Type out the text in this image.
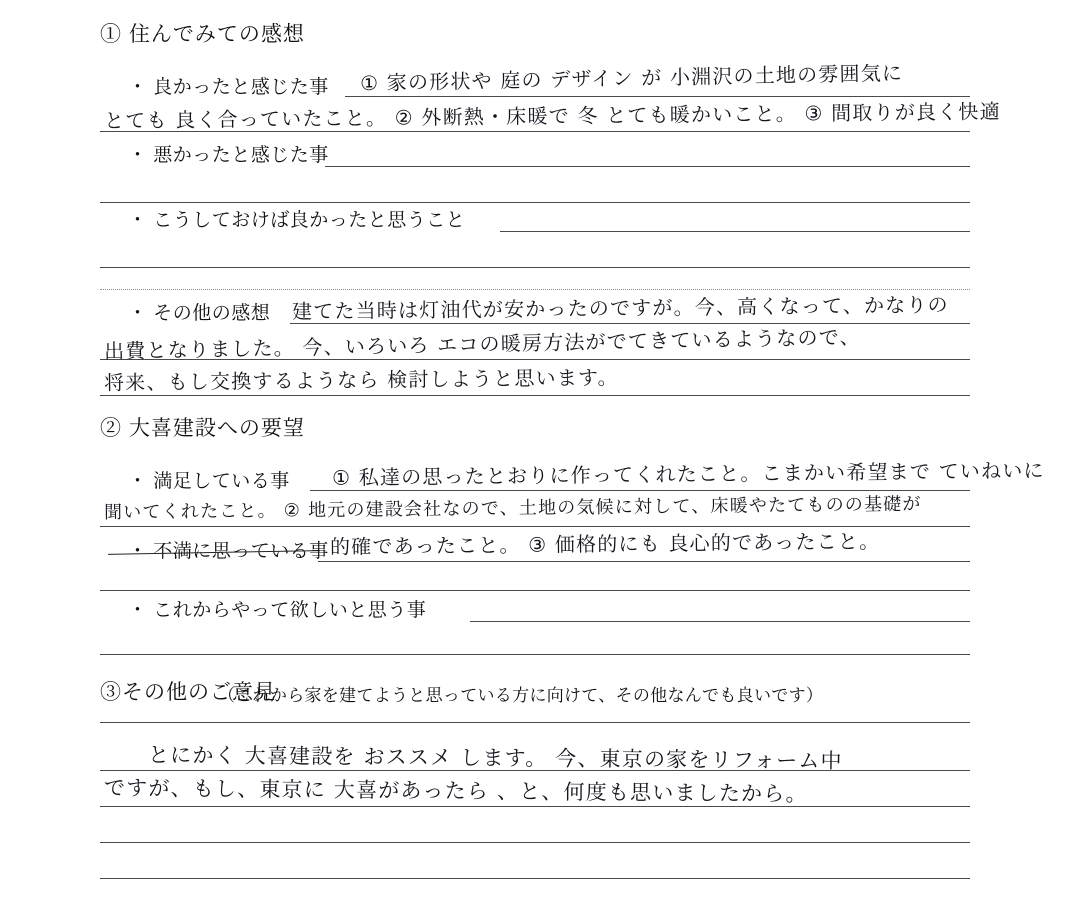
① 住んでみての感想
・ 良かったと感じた事 ① 家の形状や 庭の デザイン が 小淵沢の土地の雰囲気に
とても 良く合っていたこと。 ② 外断熱・床暖で 冬 とても暖かいこと。 ③ 間取りが良く快適
・ 悪かったと感じた事
・ こうしておけば良かったと思うこと
・ その他の感想 建てた当時は灯油代が安かったのですが。今、高くなって、かなりの
出費となりました。 今、いろいろ エコの暖房方法がでてきているようなので、
将来、もし交換するようなら 検討しようと思います。
② 大喜建設への要望
・ 満足している事 ① 私達の思ったとおりに作ってくれたこと。こまかい希望まで ていねいに
聞いてくれたこと。 ② 地元の建設会社なので、土地の気候に対して、床暖やたてものの基礎が
的確であったこと。 ③ 価格的にも 良心的であったこと。
・ 不満に思っている事
・ これからやって欲しいと思う事
③その他のご意見
（これから家を建てようと思っている方に向けて、その他なんでも良いです）
とにかく 大喜建設を おススメ します。 今、東京の家をリフォーム中
ですが、もし、東京に 大喜があったら 、と、何度も思いましたから。
